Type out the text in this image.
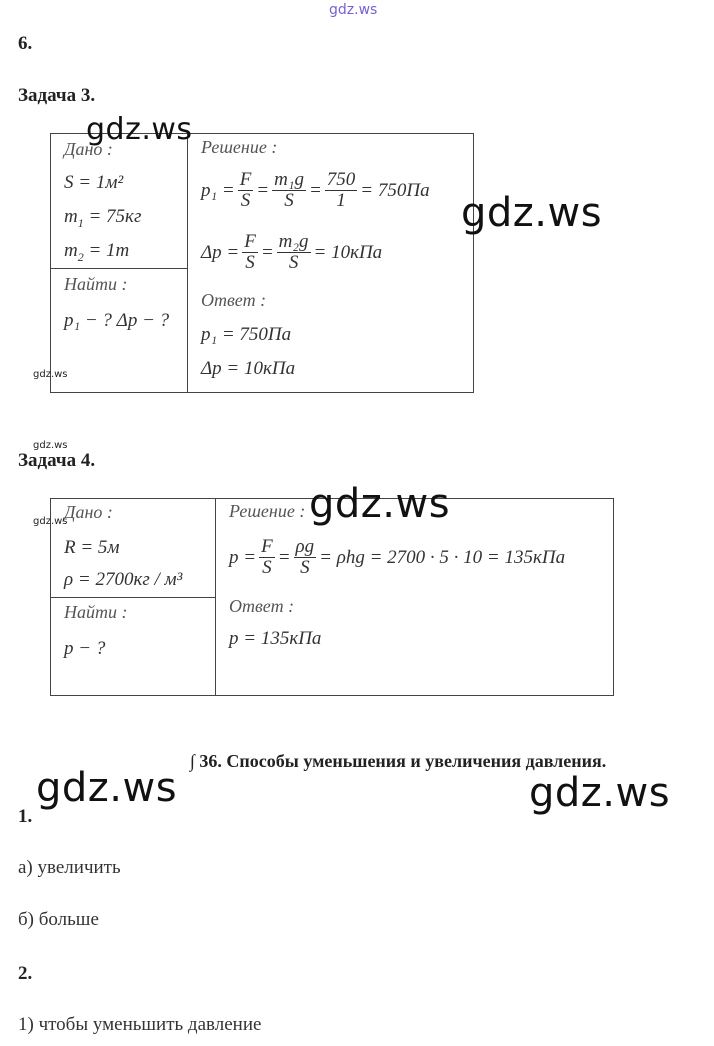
gdz.ws
6.
Задача 3.
Дано :
S = 1м²
$m_1 = 75кг$
$m_2 = 1т$
Найти :
p₁ − ? Δp − ?
Решение :
$p_1 = \frac{F}{S} = \frac{\text{m₁g}}{S} = \frac{750}{1} = 750Па$
$\Delta p = \frac{F}{S} = \frac{\text{m₂g}}{S} = 10кПа$
Ответ :
p₁ = 750Па
Δp = 10кПа
Задача 4.
Дано :
R = 5м
ρ = 2700кг / м³
Найти :
p − ?
Решение :
$p = \frac{F}{S} = \frac{\rho g}{S} = \rho hg = 2700 \cdot 5 \cdot 10 = 135кПа$
Ответ :
p = 135кПа
∫ 36. Способы уменьшения и увеличения давления.
1.
а) увеличить
б) больше
2.
1) чтобы уменьшить давление
gdz.ws
gdz.ws
gdz.ws
gdz.ws	gdz.ws
gdz.ws
gdz.ws
gdz.ws
